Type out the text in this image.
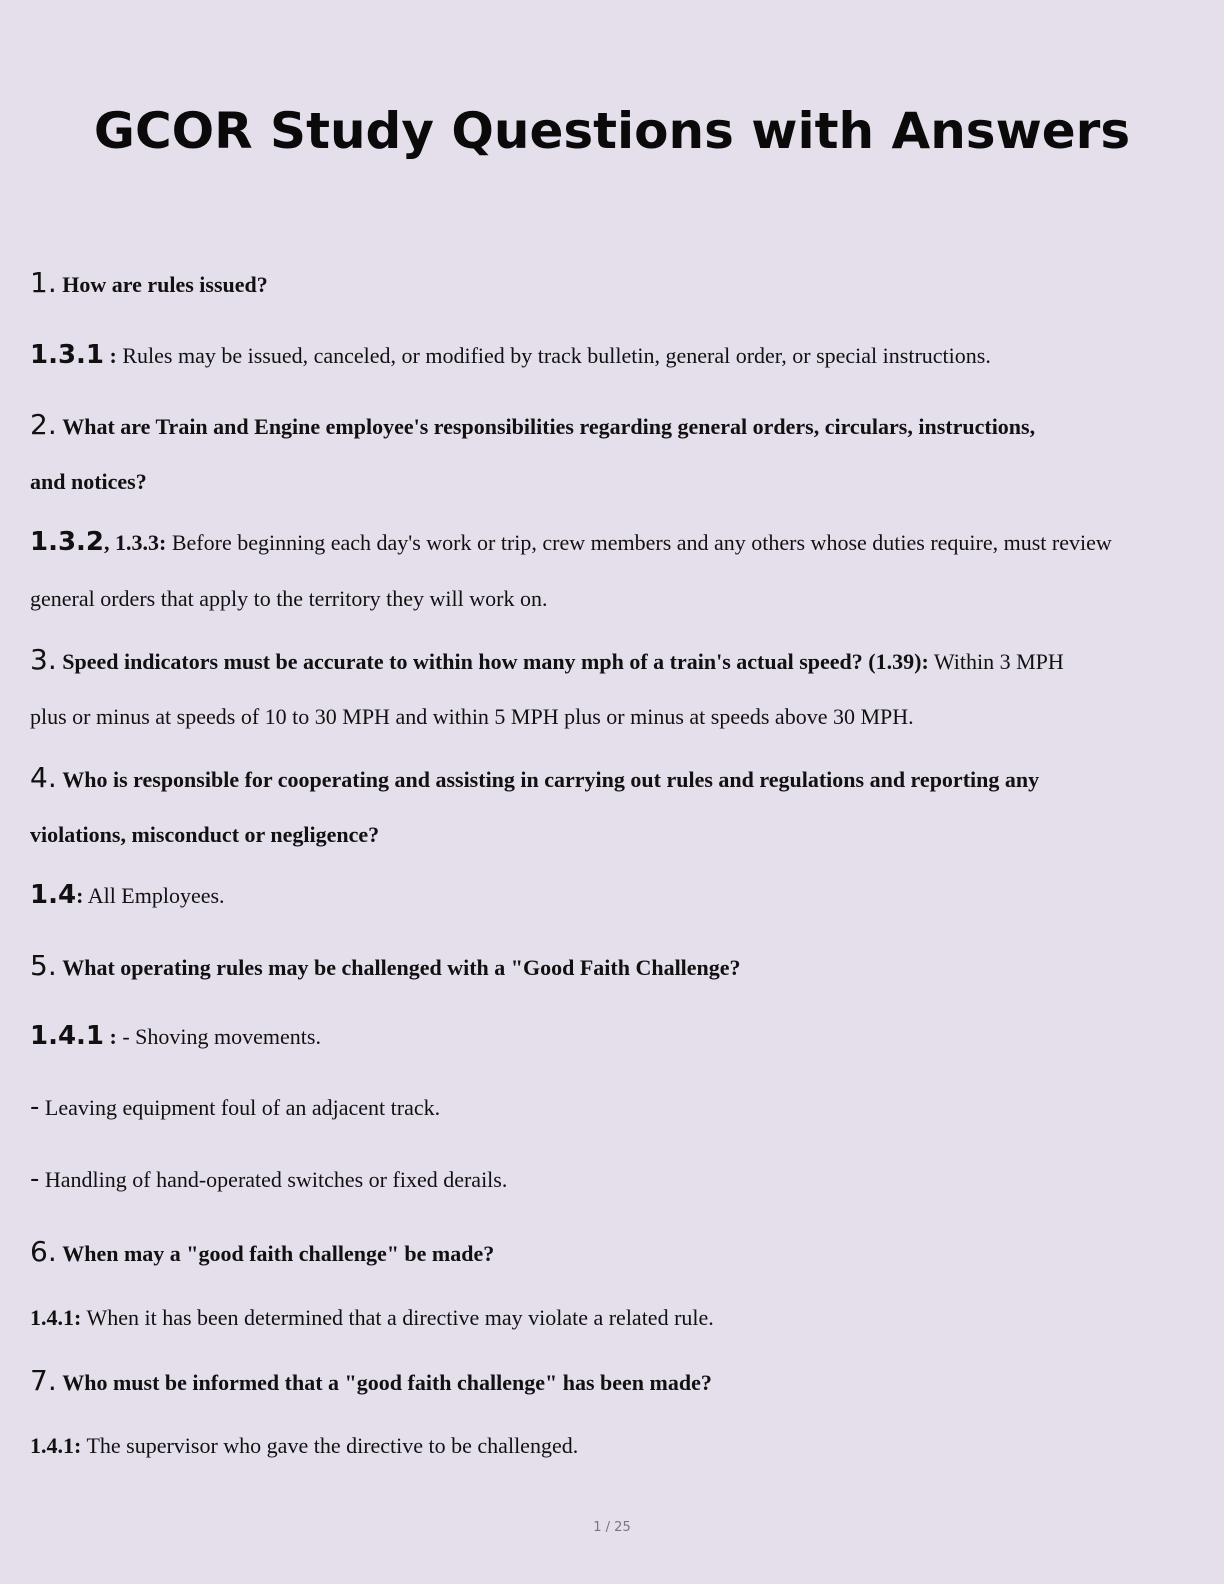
GCOR Study Questions with Answers
1. How are rules issued?
1.3.1 : Rules may be issued, canceled, or modified by track bulletin, general order, or special instructions.
2. What are Train and Engine employee's responsibilities regarding general orders, circulars, instructions,
and notices?
1.3.2, 1.3.3: Before beginning each day's work or trip, crew members and any others whose duties require, must review
general orders that apply to the territory they will work on.
3. Speed indicators must be accurate to within how many mph of a train's actual speed? (1.39): Within 3 MPH
plus or minus at speeds of 10 to 30 MPH and within 5 MPH plus or minus at speeds above 30 MPH.
4. Who is responsible for cooperating and assisting in carrying out rules and regulations and reporting any
violations, misconduct or negligence?
1.4: All Employees.
5. What operating rules may be challenged with a "Good Faith Challenge?
1.4.1 : - Shoving movements.
- Leaving equipment foul of an adjacent track.
- Handling of hand-operated switches or fixed derails.
6. When may a "good faith challenge" be made?
1.4.1: When it has been determined that a directive may violate a related rule.
7. Who must be informed that a "good faith challenge" has been made?
1.4.1: The supervisor who gave the directive to be challenged.
1 / 25
